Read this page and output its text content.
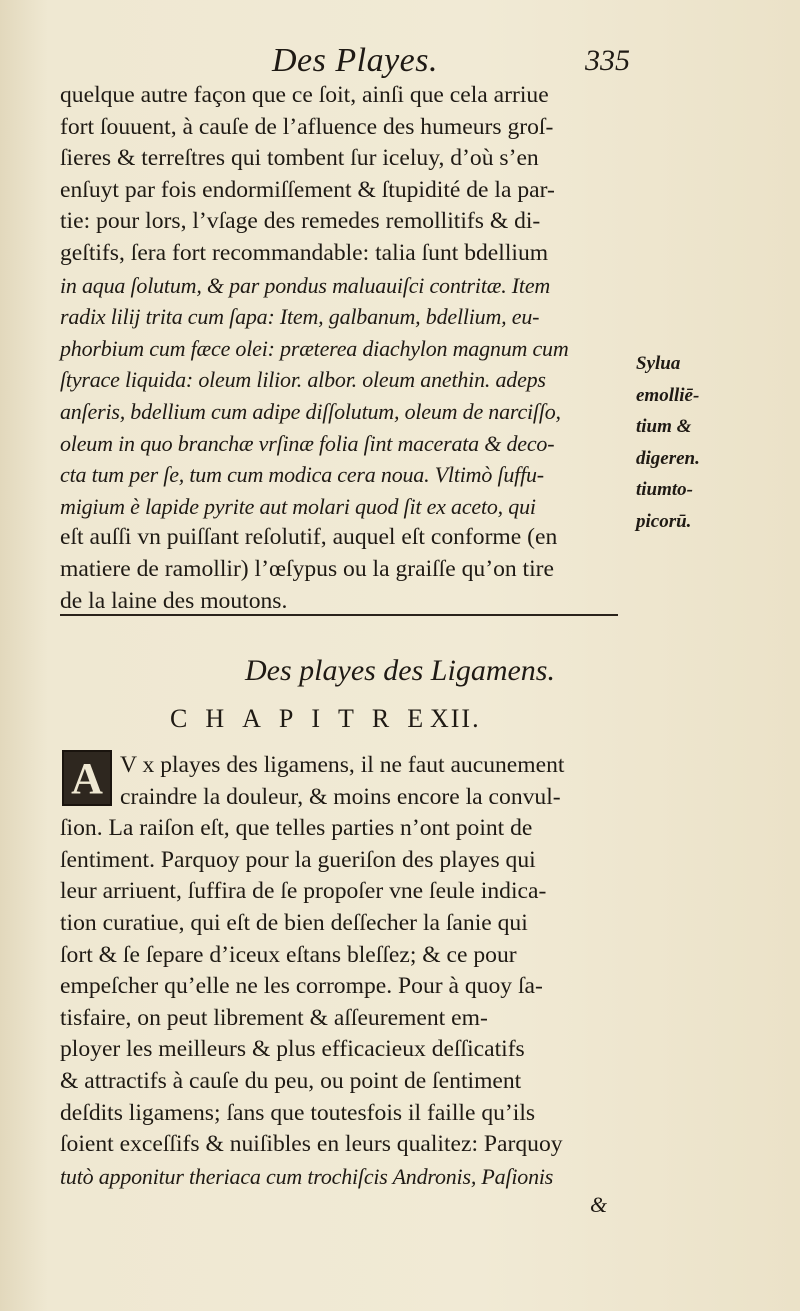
Des Playes.	335
quelque autre façon que ce ſoit, ainſi que cela arriue
fort ſouuent, à cauſe de l’afluence des humeurs groſ-
ſieres & terreſtres qui tombent ſur iceluy, d’où s’en
enſuyt par fois endormiſſement & ſtupidité de la par-
tie: pour lors, l’vſage des remedes remollitifs & di-
geſtifs, ſera fort recommandable: talia ſunt bdellium
in aqua ſolutum, & par pondus maluauiſci contritæ. Item
radix lilij trita cum ſapa: Item, galbanum, bdellium, eu-
phorbium cum fæce olei: præterea diachylon magnum cum
ſtyrace liquida: oleum lilior. albor. oleum anethin. adeps
anſeris, bdellium cum adipe diſſolutum, oleum de narciſſo,
oleum in quo branchæ vrſinæ folia ſint macerata & deco-
cta tum per ſe, tum cum modica cera noua. Vltimò ſuffu-
migium è lapide pyrite aut molari quod ſit ex aceto, qui
eſt auſſi vn puiſſant reſolutif, auquel eſt conforme (en
matiere de ramollir) l’œſypus ou la graiſſe qu’on tire
de la laine des moutons.
Sylua
emolliē-
tium &
digeren.
tiumto-
picorū.
Des playes des Ligamens.
CHAPITRE
XII.
A V x playes des ligamens, il ne faut aucunement
craindre la douleur, & moins encore la convul-
ſion. La raiſon eſt, que telles parties n’ont point de
ſentiment. Parquoy pour la gueriſon des playes qui
leur arriuent, ſuffira de ſe propoſer vne ſeule indica-
tion curatiue, qui eſt de bien deſſecher la ſanie qui
ſort & ſe ſepare d’iceux eſtans bleſſez; & ce pour
empeſcher qu’elle ne les corrompe. Pour à quoy ſa-
tisfaire, on peut librement & aſſeurement em-
ployer les meilleurs & plus efficacieux deſſicatifs
& attractifs à cauſe du peu, ou point de ſentiment
deſdits ligamens; ſans que toutesfois il faille qu’ils
ſoient exceſſifs & nuiſibles en leurs qualitez: Parquoy
tutò apponitur theriaca cum trochiſcis Andronis, Paſionis
&
